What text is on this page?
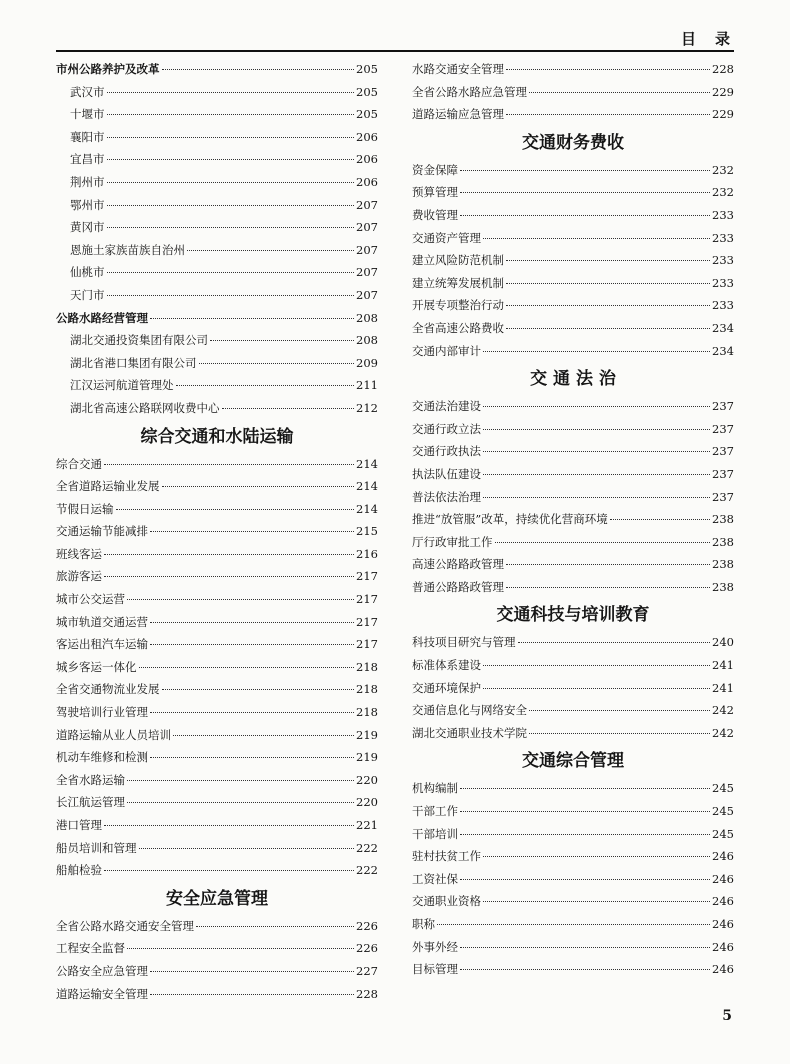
目　录
市州公路养护及改革	205
武汉市	205
十堰市	205
襄阳市	206
宜昌市	206
荆州市	206
鄂州市	207
黄冈市	207
恩施土家族苗族自治州	207
仙桃市	207
天门市	207
公路水路经营管理	208
湖北交通投资集团有限公司	208
湖北省港口集团有限公司	209
江汉运河航道管理处	211
湖北省高速公路联网收费中心	212
综合交通和水陆运输
综合交通	214
全省道路运输业发展	214
节假日运输	214
交通运输节能减排	215
班线客运	216
旅游客运	217
城市公交运营	217
城市轨道交通运营	217
客运出租汽车运输	217
城乡客运一体化	218
全省交通物流业发展	218
驾驶培训行业管理	218
道路运输从业人员培训	219
机动车维修和检测	219
全省水路运输	220
长江航运管理	220
港口管理	221
船员培训和管理	222
船舶检验	222
安全应急管理
全省公路水路交通安全管理	226
工程安全监督	226
公路安全应急管理	227
道路运输安全管理	228
水路交通安全管理	228
全省公路水路应急管理	229
道路运输应急管理	229
交通财务费收
资金保障	232
预算管理	232
费收管理	233
交通资产管理	233
建立风险防范机制	233
建立统筹发展机制	233
开展专项整治行动	233
全省高速公路费收	234
交通内部审计	234
交 通 法 治
交通法治建设	237
交通行政立法	237
交通行政执法	237
执法队伍建设	237
普法依法治理	237
推进“放管服”改革，持续优化营商环境	238
厅行政审批工作	238
高速公路路政管理	238
普通公路路政管理	238
交通科技与培训教育
科技项目研究与管理	240
标准体系建设	241
交通环境保护	241
交通信息化与网络安全	242
湖北交通职业技术学院	242
交通综合管理
机构编制	245
干部工作	245
干部培训	245
驻村扶贫工作	246
工资社保	246
交通职业资格	246
职称	246
外事外经	246
目标管理	246
5
